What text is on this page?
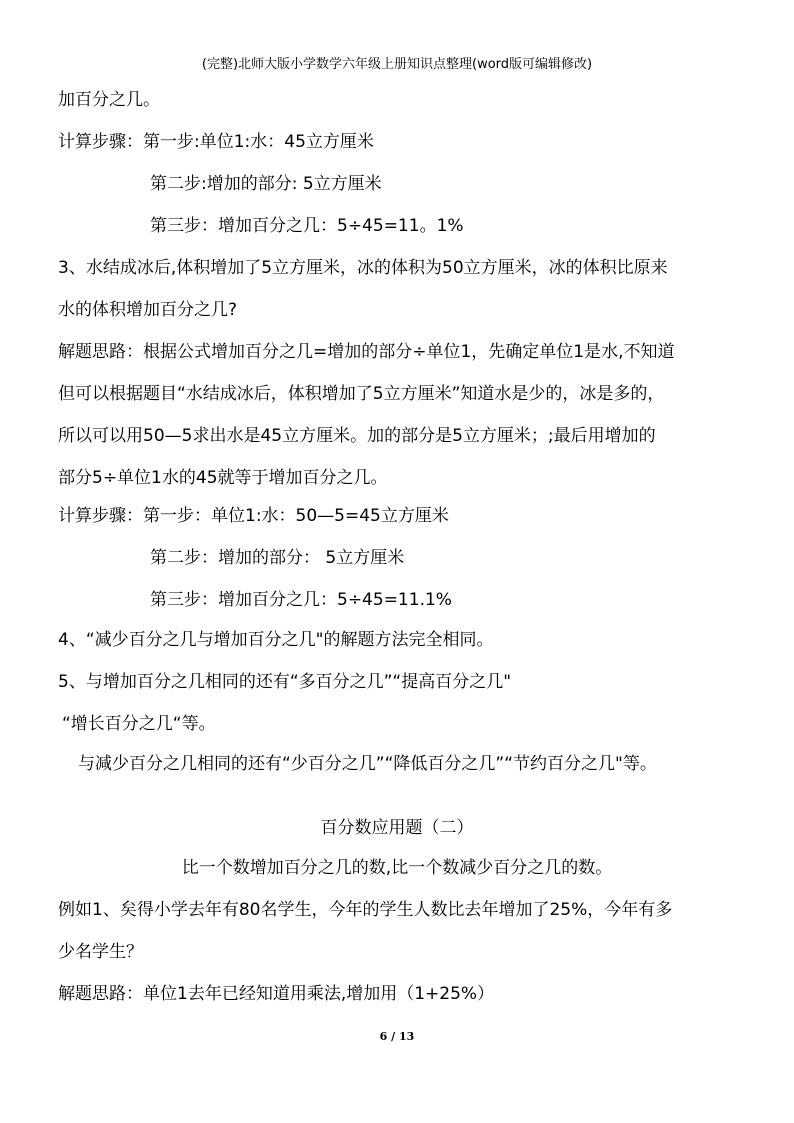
(完整)北师大版小学数学六年级上册知识点整理(word版可编辑修改)
加百分之几。
计算步骤：第一步:单位1:水：45立方厘米
第二步:增加的部分: 5立方厘米
第三步：增加百分之几：5÷45=11。1%
3、水结成冰后,体积增加了5立方厘米，冰的体积为50立方厘米，冰的体积比原来
水的体积增加百分之几?
解题思路：根据公式增加百分之几=增加的部分÷单位1，先确定单位1是水,不知道
但可以根据题目“水结成冰后，体积增加了5立方厘米”知道水是少的，冰是多的，
所以可以用50—5求出水是45立方厘米。加的部分是5立方厘米；;最后用增加的
部分5÷单位1水的45就等于增加百分之几。
计算步骤：第一步：单位1:水：50—5=45立方厘米
第二步：增加的部分： 5立方厘米
第三步：增加百分之几：5÷45=11.1%
4、“减少百分之几与增加百分之几"的解题方法完全相同。
5、与增加百分之几相同的还有“多百分之几”“提高百分之几"
“增长百分之几“等。
与减少百分之几相同的还有“少百分之几”“降低百分之几”“节约百分之几"等。
百分数应用题（二）
比一个数增加百分之几的数,比一个数减少百分之几的数。
例如1、矣得小学去年有80名学生，今年的学生人数比去年增加了25%，今年有多
少名学生？
解题思路：单位1去年已经知道用乘法,增加用（1+25%）
6 / 13
